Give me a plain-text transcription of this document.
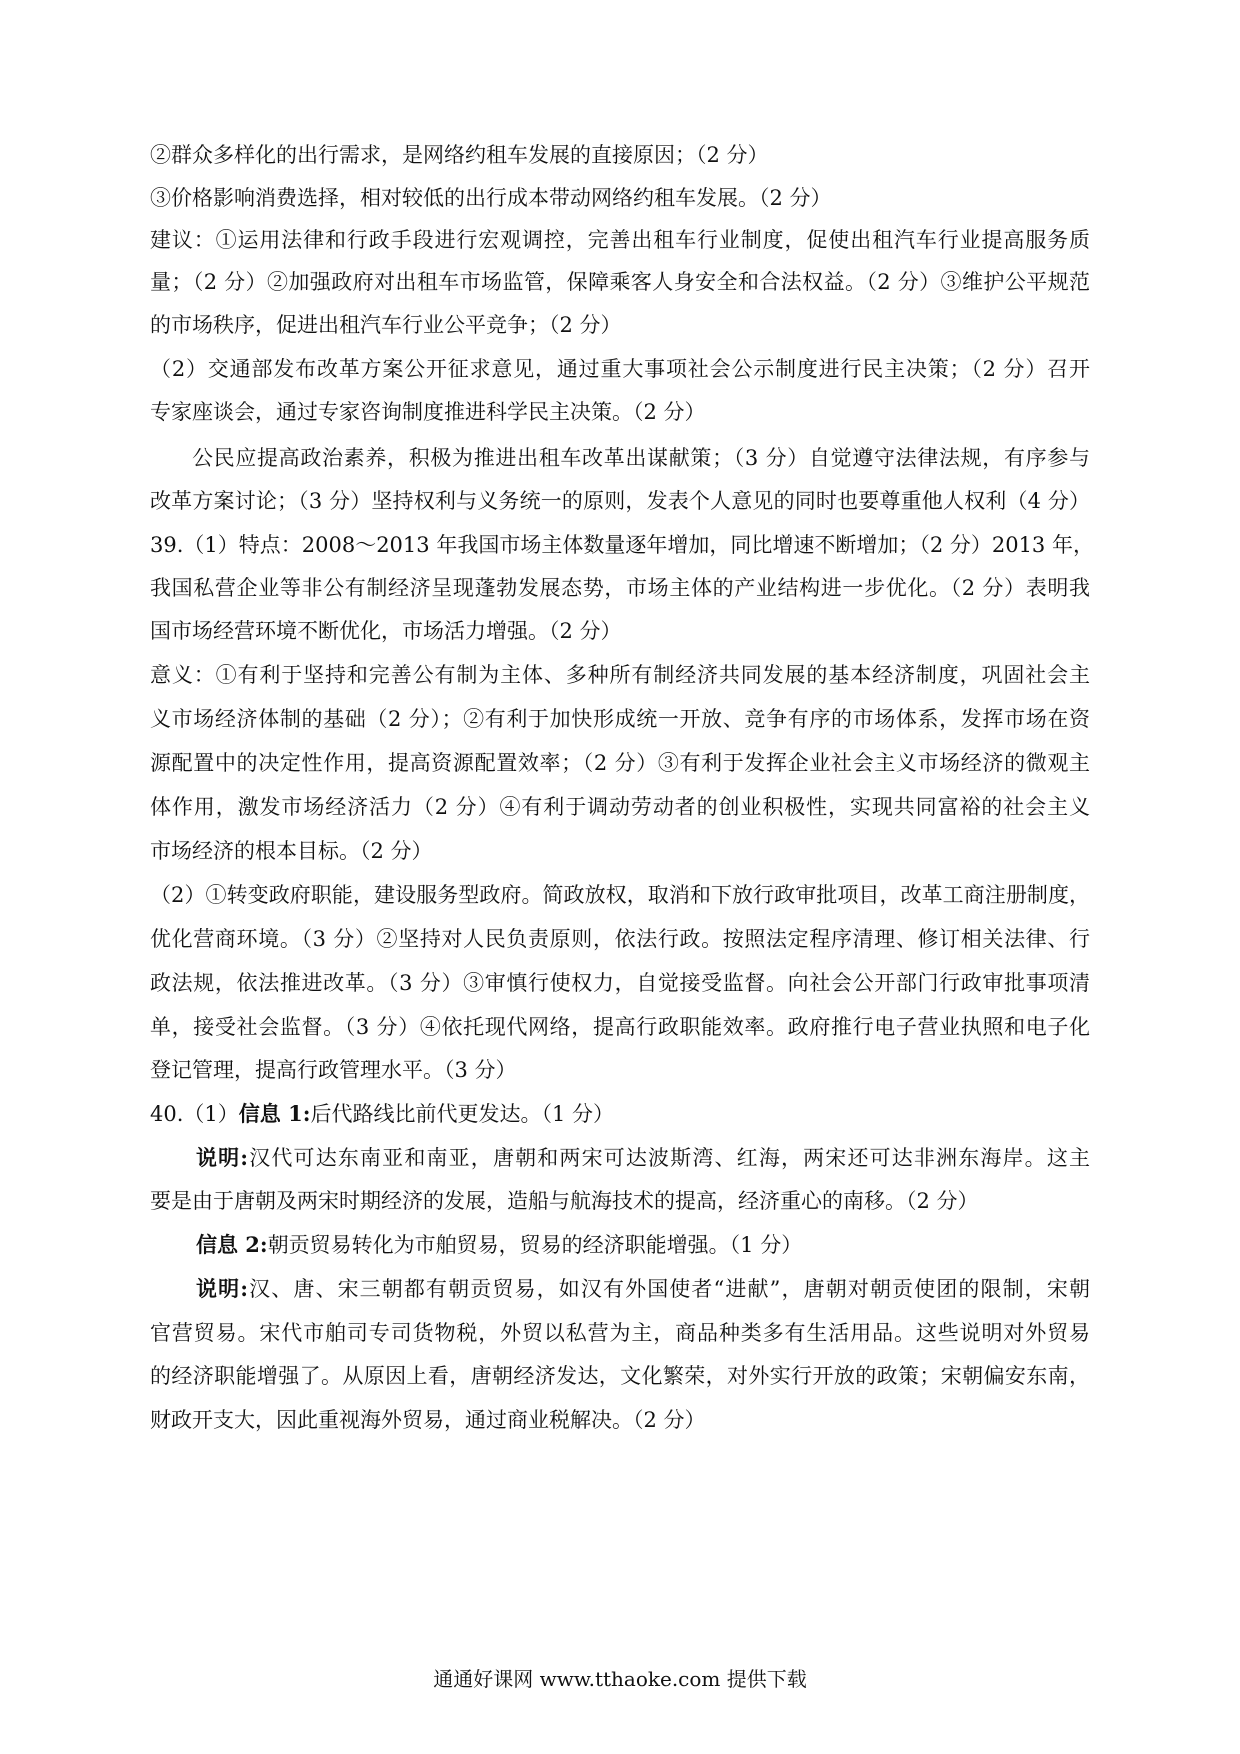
②群众多样化的出行需求，是网络约租车发展的直接原因；（2 分）
③价格影响消费选择，相对较低的出行成本带动网络约租车发展。（2 分）
建议：①运用法律和行政手段进行宏观调控，完善出租车行业制度，促使出租汽车行业提高服务质
量；（2 分）②加强政府对出租车市场监管，保障乘客人身安全和合法权益。（2 分）③维护公平规范
的市场秩序，促进出租汽车行业公平竞争；（2 分）
（2）交通部发布改革方案公开征求意见，通过重大事项社会公示制度进行民主决策；（2 分）召开
专家座谈会，通过专家咨询制度推进科学民主决策。（2 分）
公民应提高政治素养，积极为推进出租车改革出谋献策；（3 分）自觉遵守法律法规，有序参与
改革方案讨论；（3 分）坚持权利与义务统一的原则，发表个人意见的同时也要尊重他人权利（4 分）
39.（1）特点：2008～2013 年我国市场主体数量逐年增加，同比增速不断增加；（2 分）2013 年，
我国私营企业等非公有制经济呈现蓬勃发展态势，市场主体的产业结构进一步优化。（2 分）表明我
国市场经营环境不断优化，市场活力增强。（2 分）
意义：①有利于坚持和完善公有制为主体、多种所有制经济共同发展的基本经济制度，巩固社会主
义市场经济体制的基础（2 分）；②有利于加快形成统一开放、竞争有序的市场体系，发挥市场在资
源配置中的决定性作用，提高资源配置效率；（2 分）③有利于发挥企业社会主义市场经济的微观主
体作用，激发市场经济活力（2 分）④有利于调动劳动者的创业积极性，实现共同富裕的社会主义
市场经济的根本目标。（2 分）
（2）①转变政府职能，建设服务型政府。简政放权，取消和下放行政审批项目，改革工商注册制度，
优化营商环境。（3 分）②坚持对人民负责原则，依法行政。按照法定程序清理、修订相关法律、行
政法规，依法推进改革。（3 分）③审慎行使权力，自觉接受监督。向社会公开部门行政审批事项清
单，接受社会监督。（3 分）④依托现代网络，提高行政职能效率。政府推行电子营业执照和电子化
登记管理，提高行政管理水平。（3 分）
40.（1）信息 1:后代路线比前代更发达。（1 分）
说明:汉代可达东南亚和南亚，唐朝和两宋可达波斯湾、红海，两宋还可达非洲东海岸。这主
要是由于唐朝及两宋时期经济的发展，造船与航海技术的提高，经济重心的南移。（2 分）
信息 2:朝贡贸易转化为市舶贸易，贸易的经济职能增强。（1 分）
说明:汉、唐、宋三朝都有朝贡贸易，如汉有外国使者“进献”，唐朝对朝贡使团的限制，宋朝
官营贸易。宋代市舶司专司货物税，外贸以私营为主，商品种类多有生活用品。这些说明对外贸易
的经济职能增强了。从原因上看，唐朝经济发达，文化繁荣，对外实行开放的政策；宋朝偏安东南，
财政开支大，因此重视海外贸易，通过商业税解决。（2 分）
通通好课网 www.tthaoke.com 提供下载
